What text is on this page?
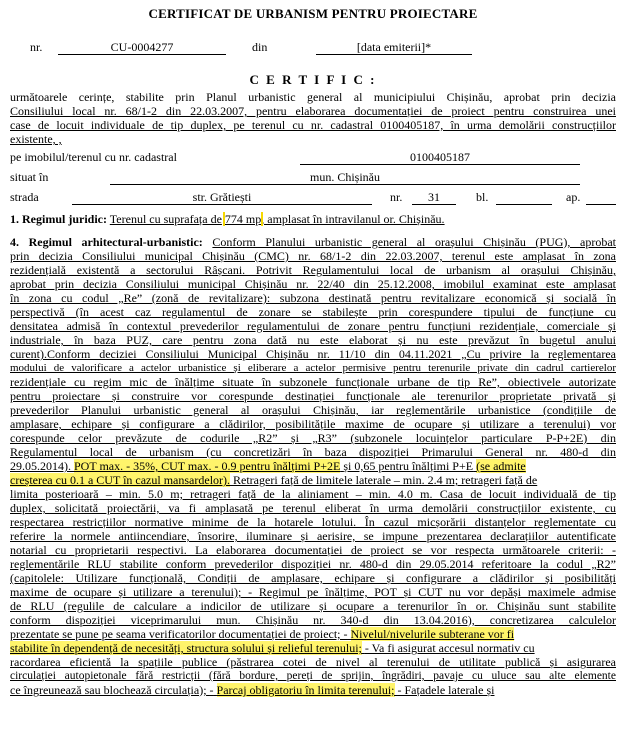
CERTIFICAT DE URBANISM PENTRU PROIECTARE
nr.	CU-0004277	din	[data emiterii]*
C E R T I F I C :
următoarele cerințe, stabilite prin Planul urbanistic general al municipiului Chișinău, aprobat prin decizia
Consiliului local nr. 68/1-2 din 22.03.2007, pentru elaborarea documentației de proiect pentru construirea unei
case de locuit individuale de tip duplex, pe terenul cu nr. cadastral 0100405187, în urma demolării construcțiilor
existente, ,
pe imobilul/terenul cu nr. cadastral	0100405187
situat în	mun. Chișinău
strada	str. Grătiești	nr.	31	bl.	ap.
1. Regimul juridic: Terenul cu suprafața de 774 mp, amplasat în intravilanul or. Chișinău.
4. Regimul arhitectural-urbanistic: Conform Planului urbanistic general al orașului Chișinău (PUG), aprobat
prin decizia Consiliului municipal Chișinău (CMC) nr. 68/1-2 din 22.03.2007, terenul este amplasat în zona
rezidențială existentă a sectorului Râșcani. Potrivit Regulamentului local de urbanism al orașului Chișinău,
aprobat prin decizia Consiliului municipal Chișinău nr. 22/40 din 25.12.2008, imobilul examinat este amplasat
în zona cu codul „Re” (zonă de revitalizare): subzona destinată pentru revitalizare economică și socială în
perspectivă (în acest caz regulamentul de zonare se stabilește prin corespundere tipului de funcțiune cu
densitatea admisă în contextul prevederilor regulamentului de zonare pentru funcțiuni rezidențiale, comerciale și
industriale, în baza PUZ, care pentru zona dată nu este elaborat și nu este prevăzut în bugetul anului
curent).Conform deciziei Consiliului Municipal Chișinău nr. 11/10 din 04.11.2021 „Cu privire la reglementarea
modului de valorificare a actelor urbanistice și eliberare a actelor permisive pentru terenurile private din cadrul cartierelor
rezidențiale cu regim mic de înălțime situate în subzonele funcționale urbane de tip Re”, obiectivele autorizate
pentru proiectare și construire vor corespunde destinației funcționale ale terenurilor proprietate privată și
prevederilor Planului urbanistic general al orașului Chișinău, iar reglementările urbanistice (condițiile de
amplasare, echipare și configurare a clădirilor, posibilitățile maxime de ocupare și utilizare a terenului) vor
corespunde celor prevăzute de codurile „R2” și „R3” (subzonele locuințelor particulare P-P+2E) din
Regulamentul local de urbanism (cu concretizări în baza dispoziției Primarului General nr. 480-d din
29.05.2014). POT max. - 35%, CUT max. - 0.9 pentru înălțimi P+2E și 0,65 pentru înălțimi P+E (se admite
creșterea cu 0.1 a CUT în cazul mansardelor). Retrageri față de limitele laterale – min. 2.4 m; retrageri față de
limita posterioară – min. 5.0 m; retrageri față de la aliniament – min. 4.0 m. Casa de locuit individuală de tip
duplex, solicitată proiectării, va fi amplasată pe terenul eliberat în urma demolării construcțiilor existente, cu
respectarea restricțiilor normative minime de la hotarele lotului. În cazul micșorării distanțelor reglementate cu
referire la normele antiincendiare, însorire, iluminare și aerisire, se impune prezentarea declarațiilor autentificate
notarial cu proprietarii respectivi. La elaborarea documentației de proiect se vor respecta următoarele criterii: -
reglementările RLU stabilite conform prevederilor dispoziției nr. 480-d din 29.05.2014 referitoare la codul „R2”
(capitolele: Utilizare funcțională, Condiții de amplasare, echipare și configurare a clădirilor și posibilități
maxime de ocupare și utilizare a terenului); - Regimul pe înălțime, POT și CUT nu vor depăși maximele admise
de RLU (regulile de calculare a indicilor de utilizare și ocupare a terenurilor în or. Chișinău sunt stabilite
conform dispoziției viceprimarului mun. Chișinău nr. 340-d din 13.04.2016), concretizarea calculelor
prezentate se pune pe seama verificatorilor documentației de proiect; - Nivelul/nivelurile subterane vor fi
stabilite în dependență de necesități, structura solului și relieful terenului; - Va fi asigurat accesul normativ cu
racordarea eficientă la spațiile publice (păstrarea cotei de nivel al terenului de utilitate publică și asigurarea
circulației autopietonale fără restricții (fără bordure, pereți de sprijin, îngrădiri, pavaje cu uluce sau alte elemente
ce îngreunează sau blochează circulația); - Parcaj obligatoriu în limita terenului; - Fațadele laterale și
